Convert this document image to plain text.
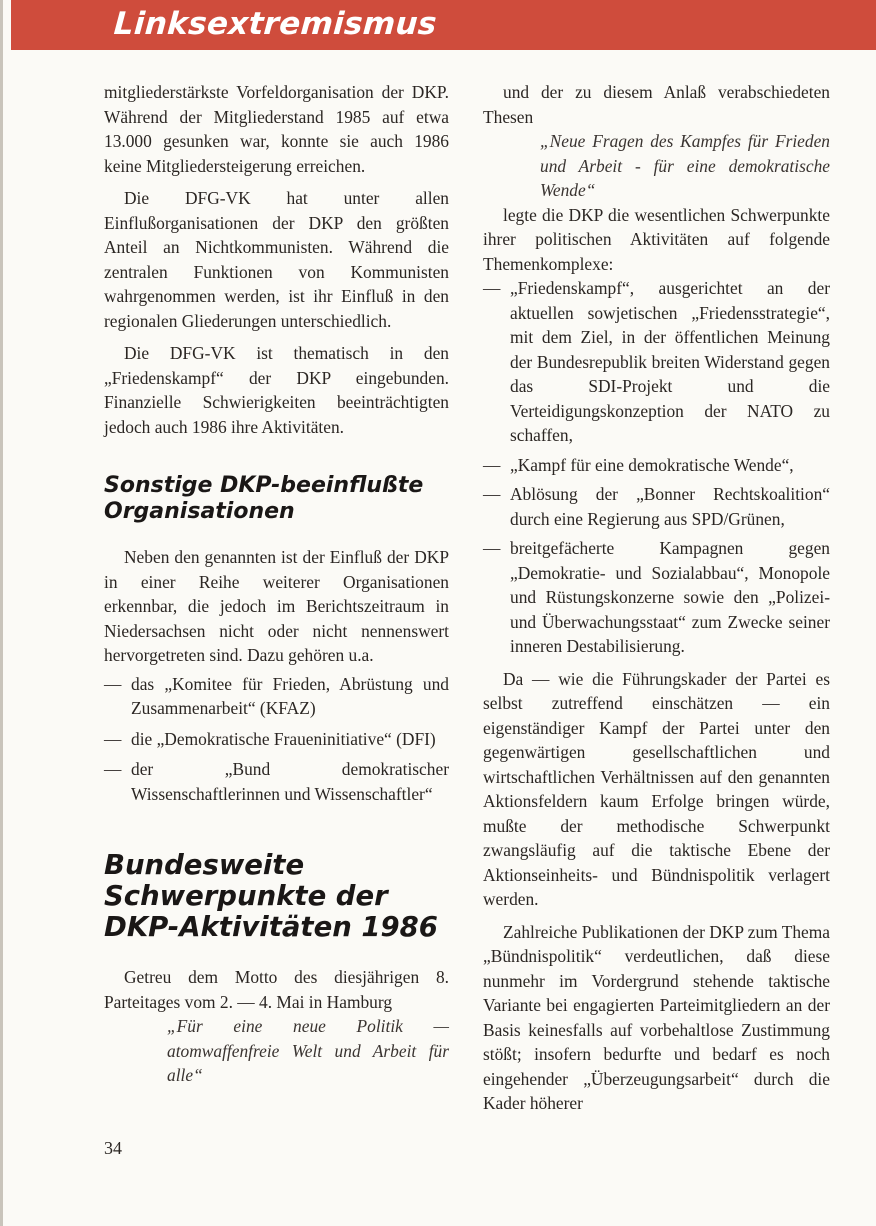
Linksextremismus

mitgliederstärkste Vorfeldorganisation der DKP. Während der Mitgliederstand 1985 auf etwa 13.000 gesunken war, konnte sie auch 1986 keine Mitgliedersteigerung erreichen.

Die DFG-VK hat unter allen Einflußorganisationen der DKP den größten Anteil an Nichtkommunisten. Während die zentralen Funktionen von Kommunisten wahrgenommen werden, ist ihr Einfluß in den regionalen Gliederungen unterschiedlich.

Die DFG-VK ist thematisch in den „Friedenskampf“ der DKP eingebunden. Finanzielle Schwierigkeiten beeinträchtigten jedoch auch 1986 ihre Aktivitäten.

Sonstige DKP-beeinflußte Organisationen

Neben den genannten ist der Einfluß der DKP in einer Reihe weiterer Organisationen erkennbar, die jedoch im Berichtszeitraum in Niedersachsen nicht oder nicht nennenswert hervorgetreten sind. Dazu gehören u.a.

— das „Komitee für Frieden, Abrüstung und Zusammenarbeit“ (KFAZ)
— die „Demokratische Fraueninitiative“ (DFI)
— der „Bund demokratischer Wissenschaftlerinnen und Wissenschaftler“
Bundesweite Schwerpunkte der DKP-Aktivitäten 1986

Getreu dem Motto des diesjährigen 8. Parteitages vom 2. — 4. Mai in Hamburg

„Für eine neue Politik — atomwaffenfreie Welt und Arbeit für alle“

und der zu diesem Anlaß verabschiedeten Thesen

„Neue Fragen des Kampfes für Frieden und Arbeit - für eine demokratische Wende“

legte die DKP die wesentlichen Schwerpunkte ihrer politischen Aktivitäten auf folgende Themenkomplexe:

— „Friedenskampf“, ausgerichtet an der aktuellen sowjetischen „Friedensstrategie“, mit dem Ziel, in der öffentlichen Meinung der Bundesrepublik breiten Widerstand gegen das SDI-Projekt und die Verteidigungskonzeption der NATO zu schaffen,
— „Kampf für eine demokratische Wende“,
— Ablösung der „Bonner Rechtskoalition“ durch eine Regierung aus SPD/Grünen,
— breitgefächerte Kampagnen gegen „Demokratie- und Sozialabbau“, Monopole und Rüstungskonzerne sowie den „Polizei- und Überwachungsstaat“ zum Zwecke seiner inneren Destabilisierung.

Da — wie die Führungskader der Partei es selbst zutreffend einschätzen — ein eigenständiger Kampf der Partei unter den gegenwärtigen gesellschaftlichen und wirtschaftlichen Verhältnissen auf den genannten Aktionsfeldern kaum Erfolge bringen würde, mußte der methodische Schwerpunkt zwangsläufig auf die taktische Ebene der Aktionseinheits- und Bündnispolitik verlagert werden.

Zahlreiche Publikationen der DKP zum Thema „Bündnispolitik“ verdeutlichen, daß diese nunmehr im Vordergrund stehende taktische Variante bei engagierten Parteimitgliedern an der Basis keinesfalls auf vorbehaltlose Zustimmung stößt; insofern bedurfte und bedarf es noch eingehender „Überzeugungsarbeit“ durch die Kader höherer

34
